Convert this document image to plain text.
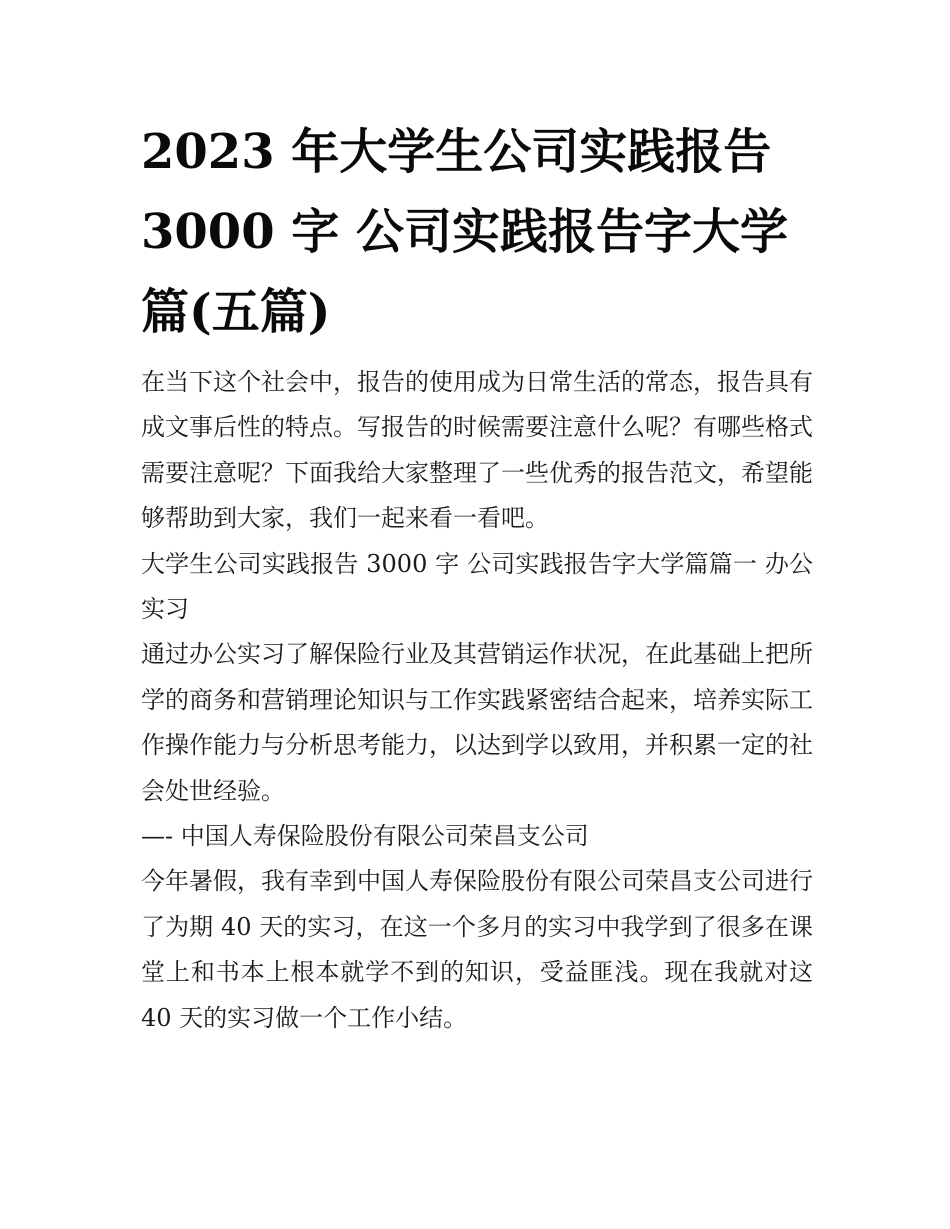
2023 年大学生公司实践报告 3000 字 公司实践报告字大学篇(五篇)

在当下这个社会中，报告的使用成为日常生活的常态，报告具有成文事后性的特点。写报告的时候需要注意什么呢？有哪些格式需要注意呢？下面我给大家整理了一些优秀的报告范文，希望能够帮助到大家，我们一起来看一看吧。

大学生公司实践报告 3000 字 公司实践报告字大学篇篇一 办公实习

通过办公实习了解保险行业及其营销运作状况，在此基础上把所学的商务和营销理论知识与工作实践紧密结合起来，培养实际工作操作能力与分析思考能力，以达到学以致用，并积累一定的社会处世经验。

—- 中国人寿保险股份有限公司荣昌支公司

今年暑假，我有幸到中国人寿保险股份有限公司荣昌支公司进行了为期 40 天的实习，在这一个多月的实习中我学到了很多在课堂上和书本上根本就学不到的知识，受益匪浅。现在我就对这 40 天的实习做一个工作小结。
